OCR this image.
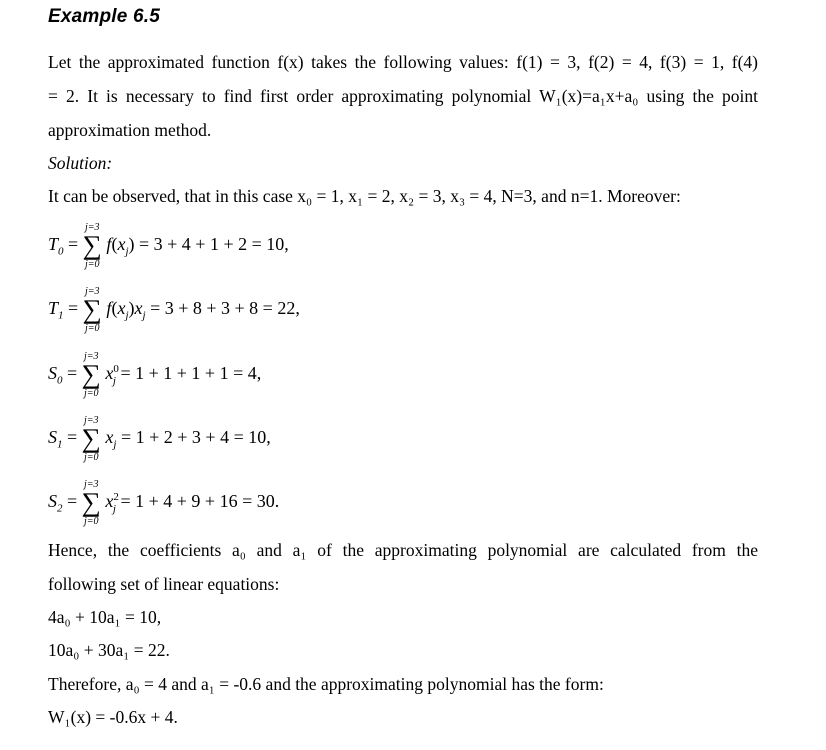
Example 6.5
Let the approximated function f(x) takes the following values: f(1) = 3, f(2) = 4, f(3) = 1, f(4)
= 2. It is necessary to find first order approximating polynomial W₁(x)=a₁x+a₀ using the point
approximation method.
Solution:
It can be observed, that in this case x₀ = 1, x₁ = 2, x₂ = 3, x₃ = 4, N=3, and n=1. Moreover:
$T_0$ = ∑
j=3
j=0
$f(x_j) = 3 + 4 + 1 + 2 = 10$,
$T_1$ = ∑
j=3
j=0
$f(x_j)x_j = 3 + 8 + 3 + 8 = 22$,
$S_0$ = ∑
j=3
j=0
$x^0_j = 1 + 1 + 1 + 1 = 4$,
$S_1$ = ∑
j=3
j=0
$x_j = 1 + 2 + 3 + 4 = 10$,
$S_2$ = ∑
j=3
j=0
$x^2_j = 1 + 4 + 9 + 16 = 30$.
Hence, the coefficients a₀ and a₁ of the approximating polynomial are calculated from the
following set of linear equations:
4a₀ + 10a₁ = 10,
10a₀ + 30a₁ = 22.
Therefore, a₀ = 4 and a₁ = -0.6 and the approximating polynomial has the form:
W₁(x) = -0.6x + 4.
